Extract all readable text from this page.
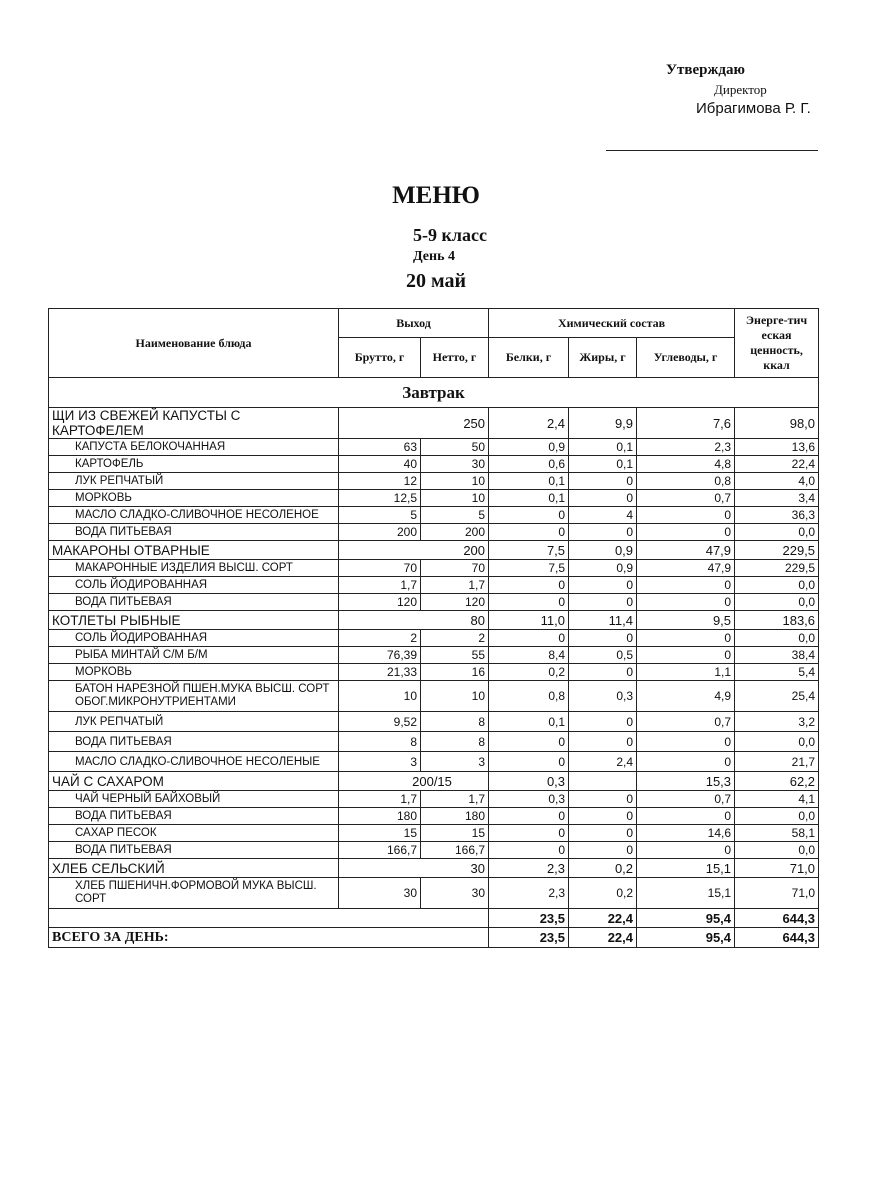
Утверждаю
Директор
Ибрагимова Р. Г.
МЕНЮ
5-9 класс
День 4
20 май
Наименование блюда	Выход		Химический состав			Энерге-тич еская ценность, ккал
	Брутто, г	Нетто, г	Белки, г	Жиры, г	Углеводы, г	
Завтрак						
ЩИ ИЗ СВЕЖЕЙ КАПУСТЫ С КАРТОФЕЛЕМ	250		2,4	9,9	7,6	98,0
КАПУСТА БЕЛОКОЧАННАЯ	63	50	0,9	0,1	2,3	13,6
КАРТОФЕЛЬ	40	30	0,6	0,1	4,8	22,4
ЛУК РЕПЧАТЫЙ	12	10	0,1	0	0,8	4,0
МОРКОВЬ	12,5	10	0,1	0	0,7	3,4
МАСЛО СЛАДКО-СЛИВОЧНОЕ НЕСОЛЕНОЕ	5	5	0	4	0	36,3
ВОДА ПИТЬЕВАЯ	200	200	0	0	0	0,0
МАКАРОНЫ ОТВАРНЫЕ	200		7,5	0,9	47,9	229,5
МАКАРОННЫЕ ИЗДЕЛИЯ ВЫСШ. СОРТ	70	70	7,5	0,9	47,9	229,5
СОЛЬ ЙОДИРОВАННАЯ	1,7	1,7	0	0	0	0,0
ВОДА ПИТЬЕВАЯ	120	120	0	0	0	0,0
КОТЛЕТЫ РЫБНЫЕ	80		11,0	11,4	9,5	183,6
СОЛЬ ЙОДИРОВАННАЯ	2	2	0	0	0	0,0
РЫБА МИНТАЙ С/М Б/М	76,39	55	8,4	0,5	0	38,4
МОРКОВЬ	21,33	16	0,2	0	1,1	5,4
БАТОН НАРЕЗНОЙ ПШЕН.МУКА ВЫСШ. СОРТ ОБОГ.МИКРОНУТРИЕНТАМИ	10	10	0,8	0,3	4,9	25,4
ЛУК РЕПЧАТЫЙ	9,52	8	0,1	0	0,7	3,2
ВОДА ПИТЬЕВАЯ	8	8	0	0	0	0,0
МАСЛО СЛАДКО-СЛИВОЧНОЕ НЕСОЛЕНЫЕ	3	3	0	2,4	0	21,7
ЧАЙ С САХАРОМ	200/15		0,3		15,3	62,2
ЧАЙ ЧЕРНЫЙ БАЙХОВЫЙ	1,7	1,7	0,3	0	0,7	4,1
ВОДА ПИТЬЕВАЯ	180	180	0	0	0	0,0
САХАР ПЕСОК	15	15	0	0	14,6	58,1
ВОДА ПИТЬЕВАЯ	166,7	166,7	0	0	0	0,0
ХЛЕБ СЕЛЬСКИЙ	30		2,3	0,2	15,1	71,0
ХЛЕБ ПШЕНИЧН.ФОРМОВОЙ МУКА ВЫСШ. СОРТ	30	30	2,3	0,2	15,1	71,0
			23,5	22,4	95,4	644,3
ВСЕГО ЗА ДЕНЬ:			23,5	22,4	95,4	644,3
